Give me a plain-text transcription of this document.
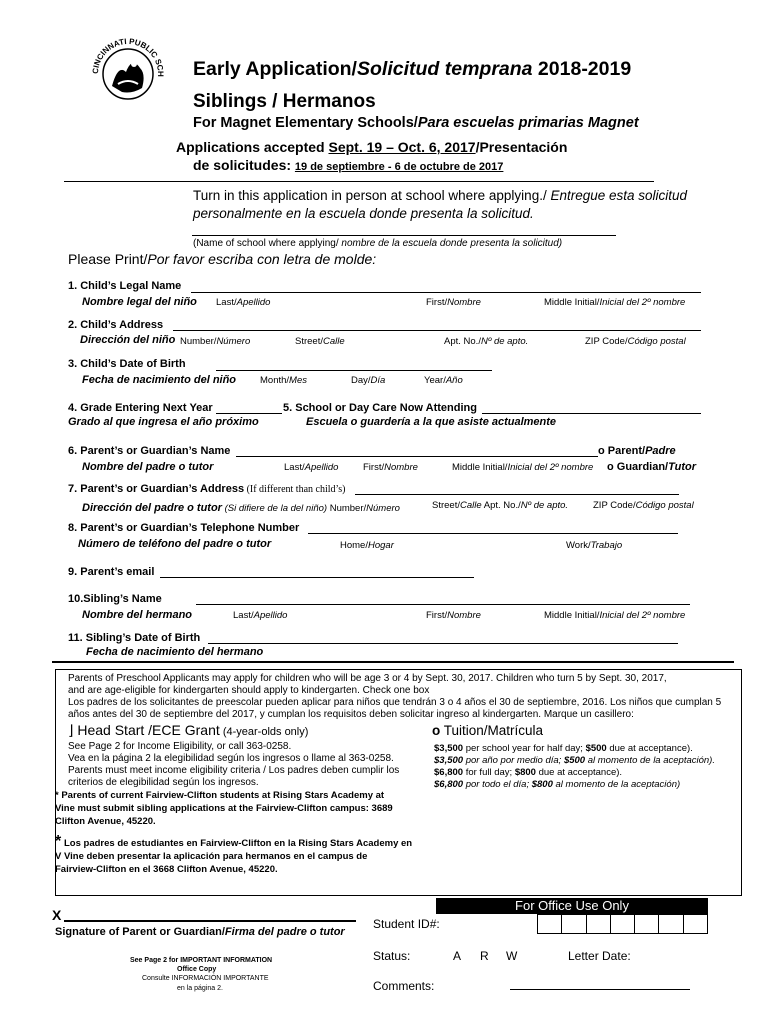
CINCINNATI PUBLIC SCH Early Application/Solicitud temprana 2018-2019
Siblings / Hermanos
For Magnet Elementary Schools/Para escuelas primarias Magnet
Applications accepted Sept. 19 – Oct. 6, 2017/Presentación
de solicitudes: 19 de septiembre - 6 de octubre de 2017
Turn in this application in person at school where applying./ Entregue esta solicitud
personalmente en la escuela donde presenta la solicitud.
(Name of school where applying/ nombre de la escuela donde presenta la solicitud)
Please Print/Por favor escriba con letra de molde:
1. Child’s Legal Name
Nombre legal del niño Last/Apellido	First/Nombre	Middle Initial/Inicial del 2º nombre
2. Child’s Address
Dirección del niño Number/Número	Street/Calle	Apt. No./Nº de apto.	ZIP Code/Código postal
3. Child’s Date of Birth
Fecha de nacimiento del niño	Month/Mes	Day/Día	Year/Año
4. Grade Entering Next Year	5. School or Day Care Now Attending
Grado al que ingresa el año próximo	Escuela o guardería a la que asiste actualmente
6. Parent’s or Guardian’s Name	o Parent/Padre
Nombre del padre o tutor	Last/Apellido	First/Nombre	Middle Initial/Inicial del 2º nombre o Guardian/Tutor
7. Parent’s or Guardian’s Address (If different than child’s)
Dirección del padre o tutor (Si difiere de la del niño) Number/Número	Street/Calle Apt. No./Nº de apto.	ZIP Code/Código postal
8. Parent’s or Guardian’s Telephone Number
Número de teléfono del padre o tutor	Home/Hogar	Work/Trabajo
9. Parent’s email
10.Sibling’s Name
Nombre del hermano	Last/Apellido	First/Nombre	Middle Initial/Inicial del 2º nombre
11. Sibling’s Date of Birth
Fecha de nacimiento del hermano
Parents of Preschool Applicants may apply for children who will be age 3 or 4 by Sept. 30, 2017. Children who turn 5 by Sept. 30, 2017,
and are age-eligible for kindergarten should apply to kindergarten. Check one box
Los padres de los solicitantes de preescolar pueden aplicar para niños que tendrán 3 o 4 años el 30 de septiembre, 2016. Los niños que cumplan 5
años antes del 30 de septiembre del 2017, y cumplan los requisitos deben solicitar ingreso al kindergarten. Marque un casillero:
⌋ Head Start /ECE Grant (4-year-olds only)
See Page 2 for Income Eligibility, or call 363-0258.
Vea en la página 2 la elegibilidad según los ingresos o llame al 363-0258.
Parents must meet income eligibility criteria / Los padres deben cumplir los
criterios de elegibilidad según los ingresos.
o Tuition/Matrícula
$3,500 per school year for half day; $500 due at acceptance).
$3,500 por año por medio día; $500 al momento de la aceptación).
$6,800 for full day; $800 due at acceptance).
$6,800 por todo el día; $800 al momento de la aceptación)
* Parents of current Fairview-Clifton students at Rising Stars Academy at
Vine must submit sibling applications at the Fairview-Clifton campus: 3689
Clifton Avenue, 45220.
* Los padres de estudiantes en Fairview-Clifton en la Rising Stars Academy en
V Vine deben presentar la aplicación para hermanos en el campus de
Fairview-Clifton en el 3668 Clifton Avenue, 45220.
X
Signature of Parent or Guardian/Firma del padre o tutor
See Page 2 for IMPORTANT INFORMATION
Office Copy
Consulte INFORMACIÓN IMPORTANTE
en la página 2.
For Office Use Only
Student ID#:
Status:	A R W	Letter Date:
Comments:
